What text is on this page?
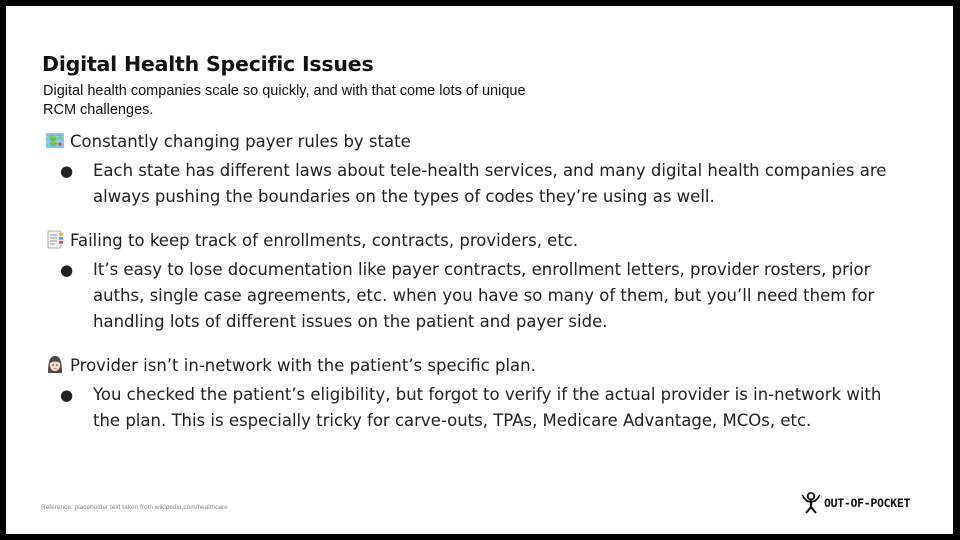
Digital Health Specific Issues
Digital health companies scale so quickly, and with that come lots of unique RCM challenges.
Constantly changing payer rules by state
● Each state has different laws about tele-health services, and many digital health companies are always pushing the boundaries on the types of codes they’re using as well.
Failing to keep track of enrollments, contracts, providers, etc.
● It’s easy to lose documentation like payer contracts, enrollment letters, provider rosters, prior auths, single case agreements, etc. when you have so many of them, but you’ll need them for handling lots of different issues on the patient and payer side.
Provider isn’t in-network with the patient’s specific plan.
● You checked the patient’s eligibility, but forgot to verify if the actual provider is in-network with the plan. This is especially tricky for carve-outs, TPAs, Medicare Advantage, MCOs, etc.
Reference: placeholder text taken from wikipedia.com/healthcare	OUT-OF-POCKET
